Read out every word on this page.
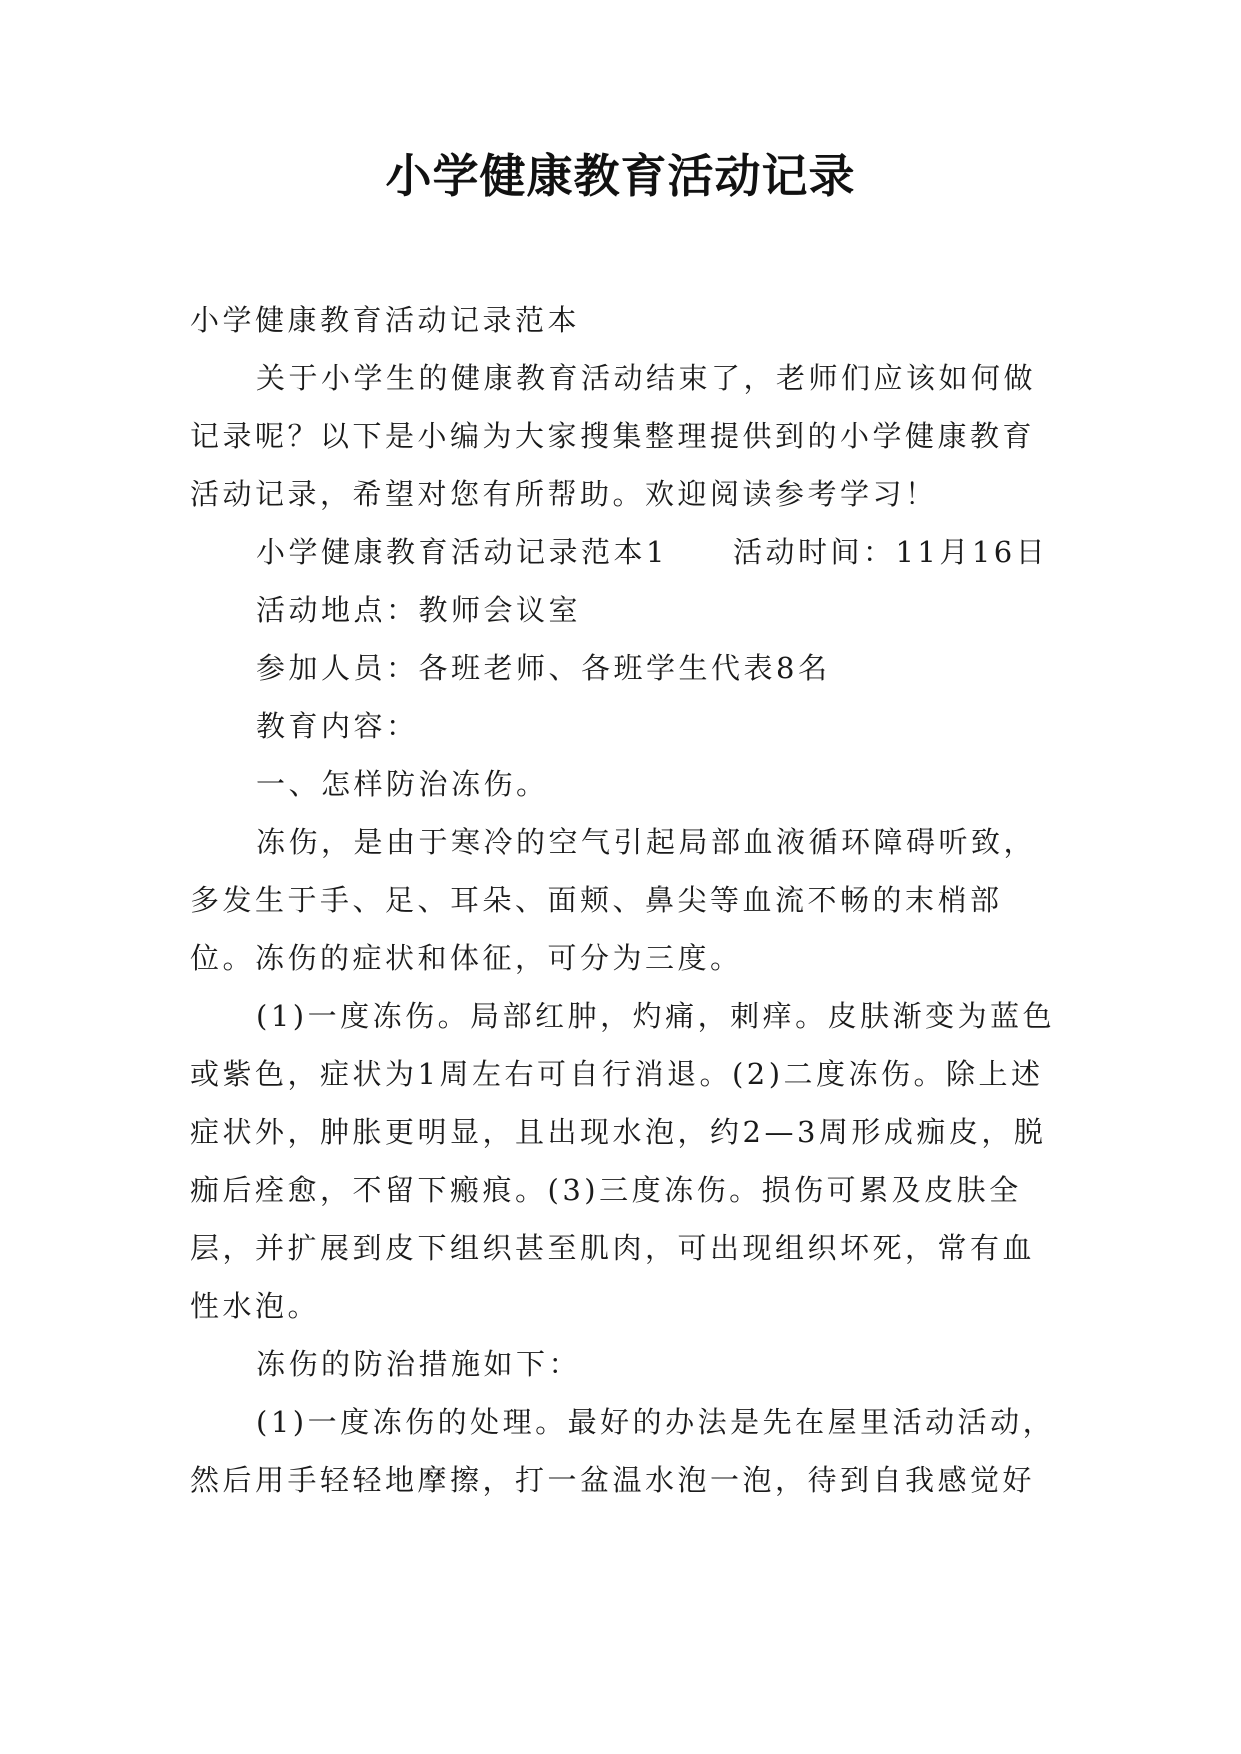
小学健康教育活动记录

小学健康教育活动记录范本

关于小学生的健康教育活动结束了，老师们应该如何做记录呢？以下是小编为大家搜集整理提供到的小学健康教育活动记录，希望对您有所帮助。欢迎阅读参考学习！

小学健康教育活动记录范本1　　活动时间：11月16日

活动地点：教师会议室

参加人员：各班老师、各班学生代表8名

教育内容：

一、怎样防治冻伤。

冻伤，是由于寒冷的空气引起局部血液循环障碍听致，多发生于手、足、耳朵、面颊、鼻尖等血流不畅的末梢部位。冻伤的症状和体征，可分为三度。

(1)一度冻伤。局部红肿，灼痛，刺痒。皮肤渐变为蓝色或紫色，症状为1周左右可自行消退。(2)二度冻伤。除上述症状外，肿胀更明显，且出现水泡，约2—3周形成痂皮，脱痂后痊愈，不留下瘢痕。(3)三度冻伤。损伤可累及皮肤全层，并扩展到皮下组织甚至肌肉，可出现组织坏死，常有血性水泡。

冻伤的防治措施如下：

(1)一度冻伤的处理。最好的办法是先在屋里活动活动，然后用手轻轻地摩擦，打一盆温水泡一泡，待到自我感觉好
